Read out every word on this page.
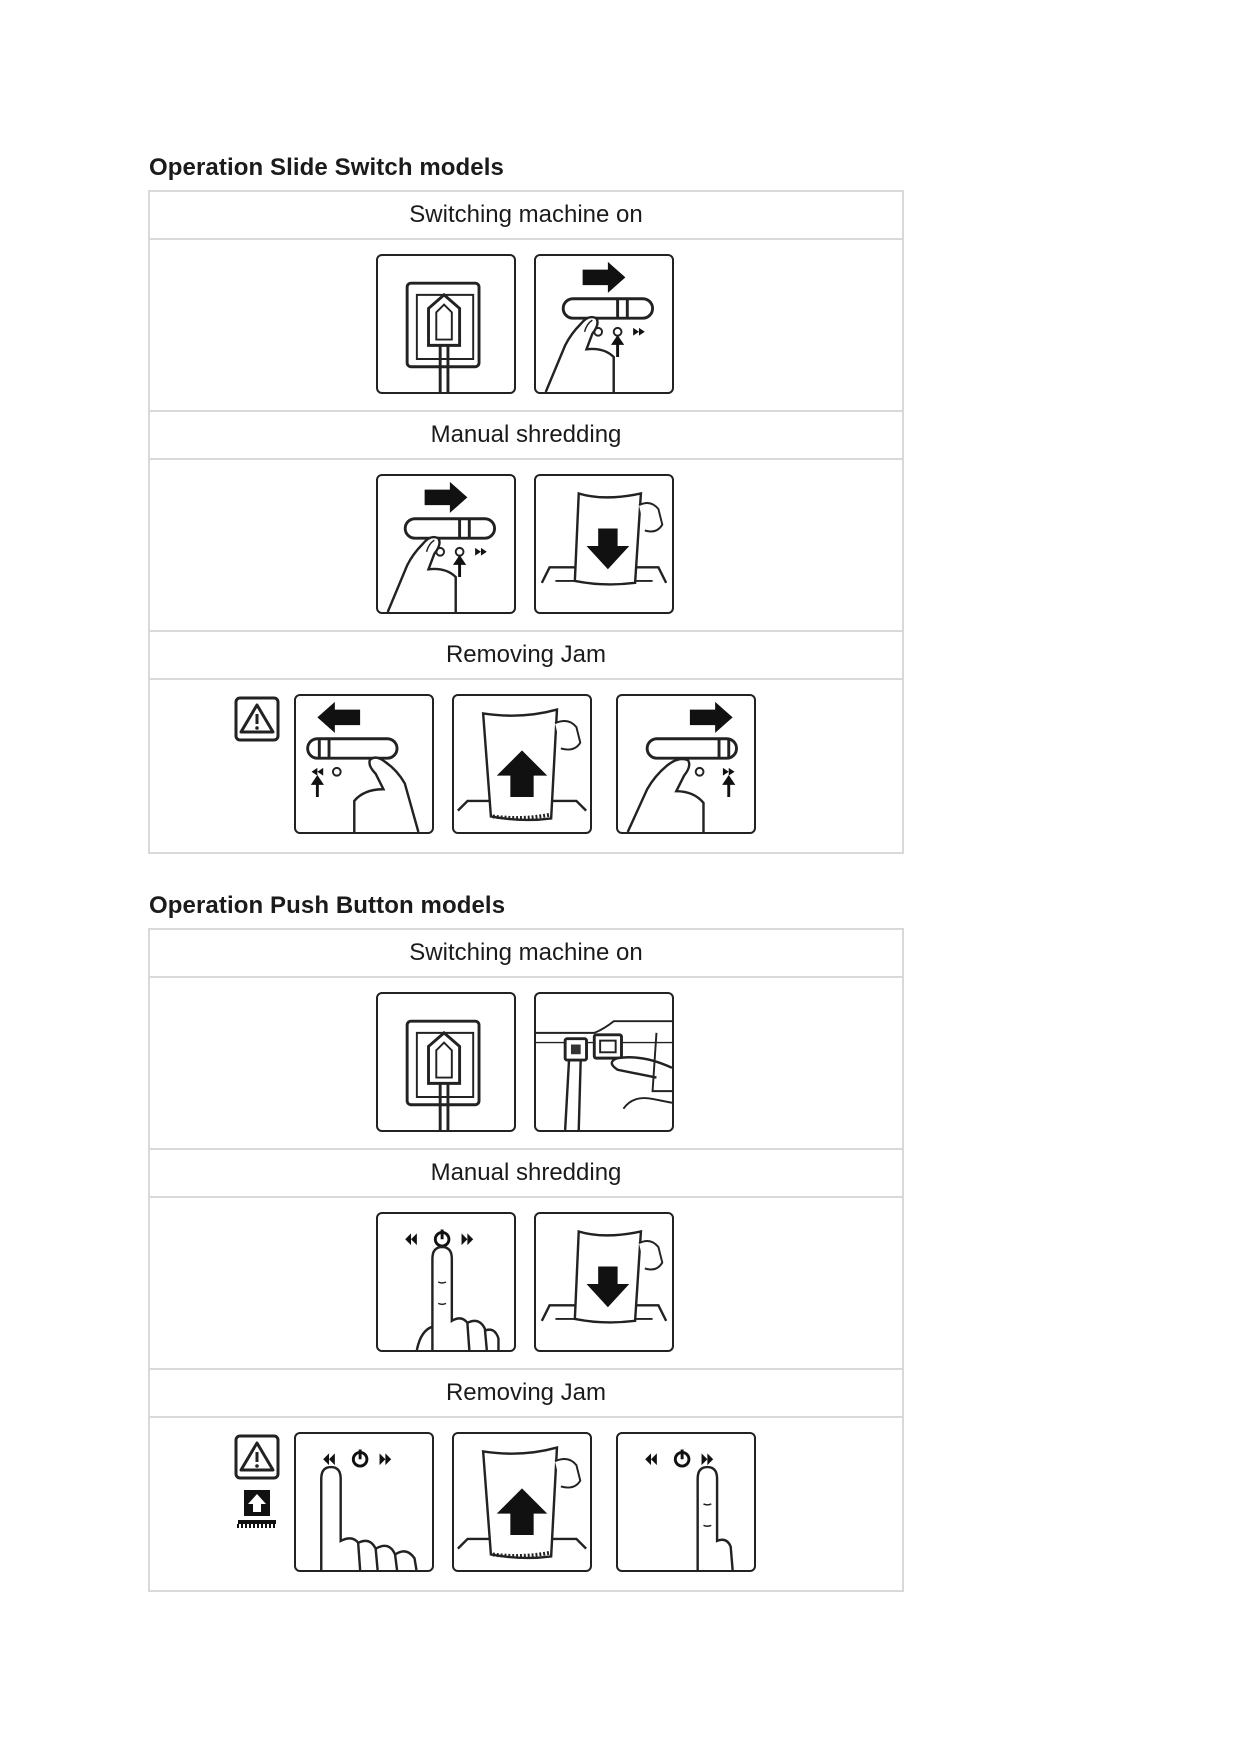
Operation Slide Switch models
Switching machine on
Manual shredding
Removing Jam
Operation Push Button models
Switching machine on
Manual shredding
Removing Jam
